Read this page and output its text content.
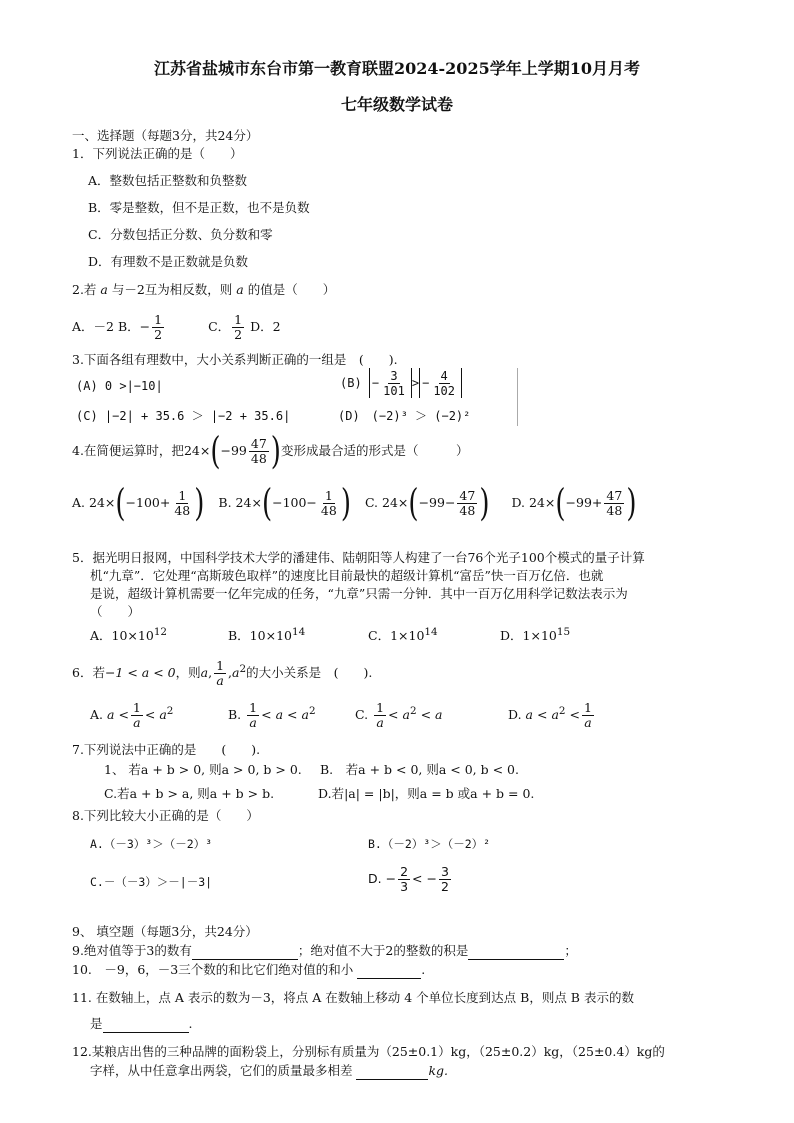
江苏省盐城市东台市第一教育联盟2024-2025学年上学期10月月考
七年级数学试卷
一、选择题（每题3分，共24分）
1．下列说法正确的是（　　）
A．整数包括正整数和负整数
B．零是整数，但不是正数，也不是负数
C．分数包括正分数、负分数和零
D．有理数不是正数就是负数
2.若 a 与－2互为相反数，则 a 的值是（　　）
A．－2 B．− $\frac{1}{2}$	C． $\frac{1}{2}$ D．2
3.下面各组有理数中，大小关系判断正确的一组是　(　　).
(A) 0 >|−10|	$(B) - \frac{3}{101}$ > − $\frac{4}{102}$
(C) |−2| + 35.6 ＞ |−2 + 35.6|	(D)　(−2)³ ＞ (−2)²
4.在简便运算时，把$24\times(-99 \frac{47}{48}$ )变形成最合适的形式是（　　　）
A. $24\times(-100+ \frac{1}{48}$ ) B. $24\times(-100- \frac{1}{48}$ ) C. $24\times(-99- \frac{47}{48}$ ) D. $24\times(-99+ \frac{47}{48}$ )
5．据光明日报网，中国科学技术大学的潘建伟、陆朝阳等人构建了一台76个光子100个模式的量子计算
机“九章”．它处理“高斯玻色取样”的速度比目前最快的超级计算机“富岳”快一百万亿倍．也就
是说，超级计算机需要一亿年完成的任务，“九章”只需一分钟．其中一百万亿用科学记数法表示为
（　　）
A．$10\times 10^{12}$	B．$10\times 10^{14}$	C．$1\times 10^{14}$	D．$1\times 10^{15}$
6．若−1 < a < 0，则a, $\frac{1}{a} ,a^2$的大小关系是　(　　).
A. $a < \frac{1}{a} < a^2$	B. $\frac{1}{a} < a < a^2$	C. $\frac{1}{a} < a^2 < a$	D. $a < a^2 < \frac{1}{a}$
7.下列说法中正确的是　　(　　).
1、 若a + b > 0, 则a > 0, b > 0. B.　若a + b < 0, 则a < 0, b < 0.
C.若a + b > a, 则a + b > b.	D.若|a| = |b|，则a = b 或a + b = 0.
8.下列比较大小正确的是（　　）
A.（－3）³＞（－2）³	B.（－2）³＞（－2）²
C.－（－3）＞－|－3|	D. − $\frac{2}{3}$ < − $\frac{3}{2}$
9、 填空题（每题3分，共24分）
9.绝对值等于3的数有	；绝对值不大于2的整数的积是	；
10.　－9，6，－3三个数的和比它们绝对值的和小	.
11. 在数轴上，点 A 表示的数为－3，将点 A 在数轴上移动 4 个单位长度到达点 B，则点 B 表示的数
是	.
12.某粮店出售的三种品牌的面粉袋上，分别标有质量为（25±0.1）kg，（25±0.2）kg，（25±0.4）kg的
字样，从中任意拿出两袋，它们的质量最多相差	kg.
